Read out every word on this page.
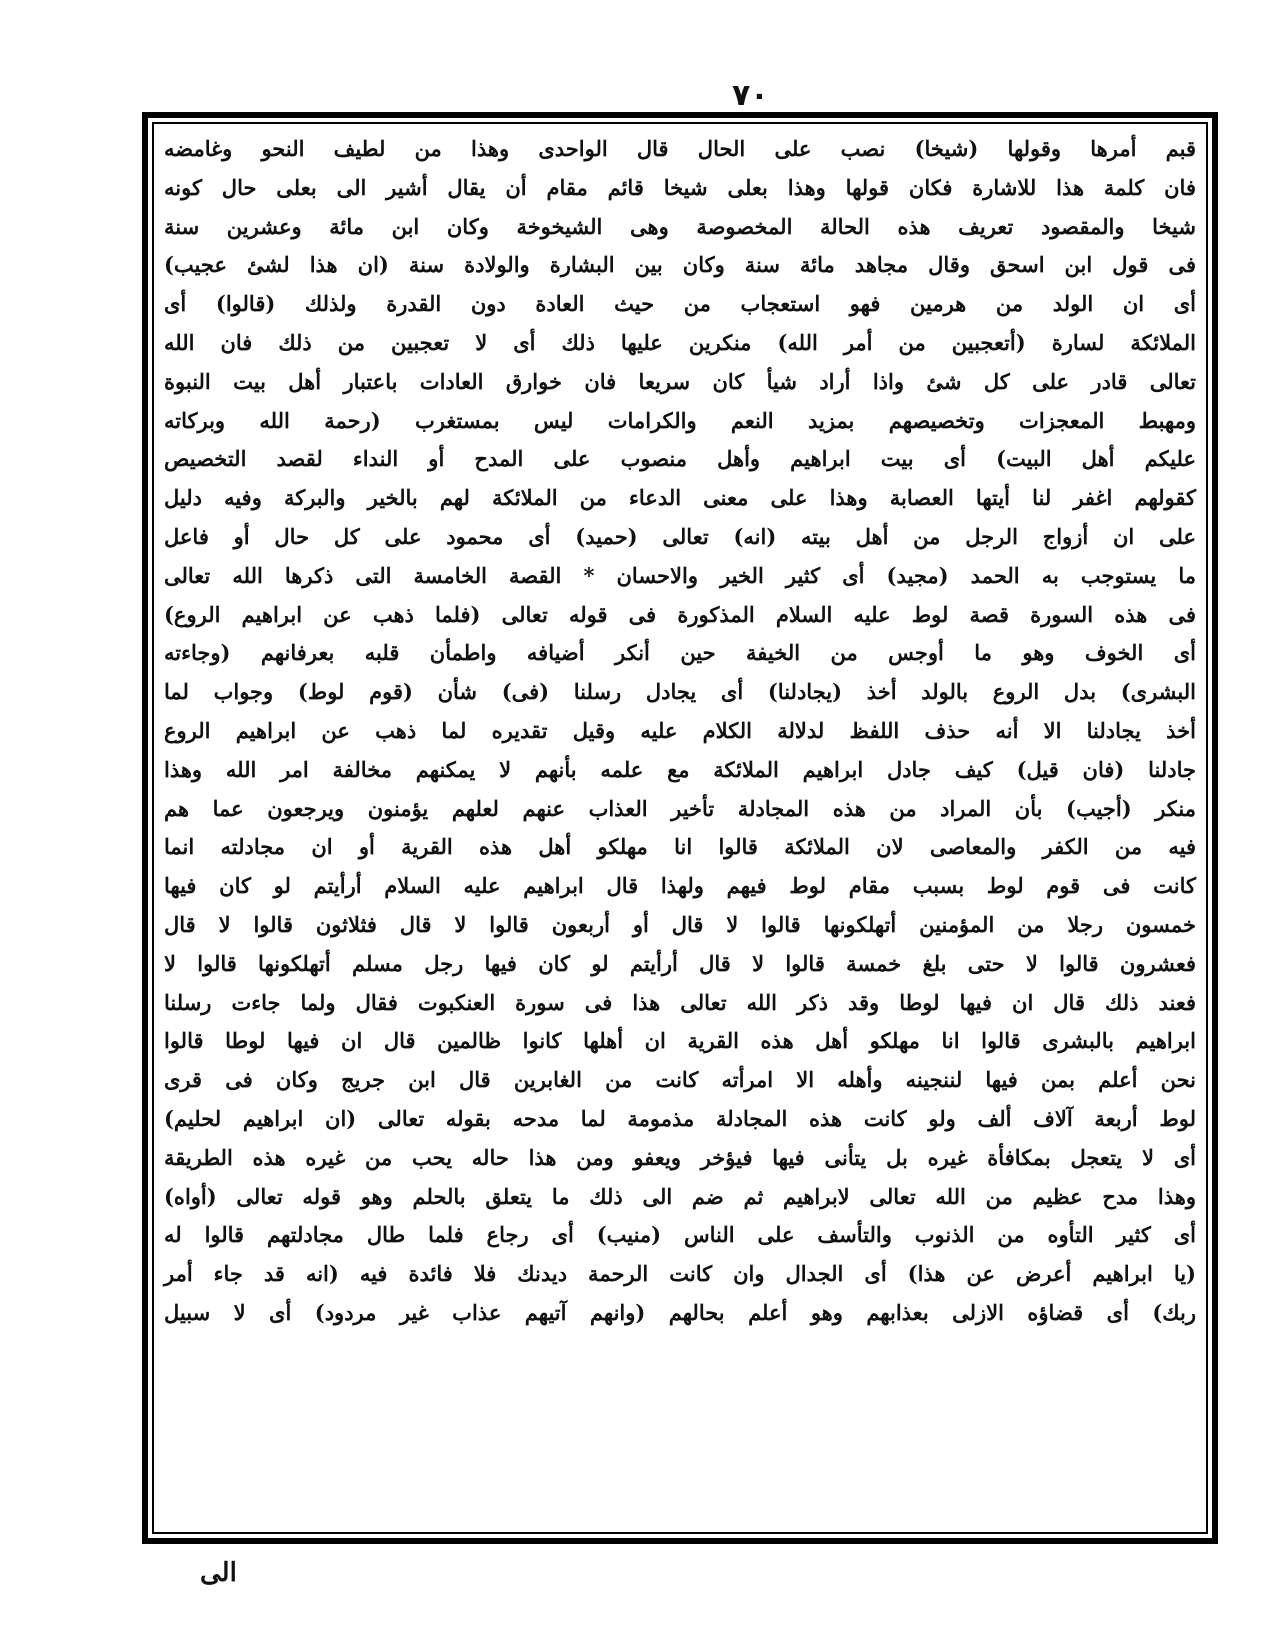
٧٠
قبم أمرها وقولها (شيخا) نصب على الحال قال الواحدى وهذا من لطيف النحو وغامضه
فان كلمة هذا للاشارة فكان قولها وهذا بعلى شيخا قائم مقام أن يقال أشير الى بعلى حال كونه
شيخا والمقصود تعريف هذه الحالة المخصوصة وهى الشيخوخة وكان ابن مائة وعشرين سنة
فى قول ابن اسحق وقال مجاهد مائة سنة وكان بين البشارة والولادة سنة (ان هذا لشئ عجيب)
أى ان الولد من هرمين فهو استعجاب من حيث العادة دون القدرة ولذلك (قالوا) أى
الملائكة لسارة (أتعجبين من أمر الله) منكرين عليها ذلك أى لا تعجبين من ذلك فان الله
تعالى قادر على كل شئ واذا أراد شيأ كان سريعا فان خوارق العادات باعتبار أهل بيت النبوة
ومهبط المعجزات وتخصيصهم بمزيد النعم والكرامات ليس بمستغرب (رحمة الله وبركاته
عليكم أهل البيت) أى بيت ابراهيم وأهل منصوب على المدح أو النداء لقصد التخصيص
كقولهم اغفر لنا أيتها العصابة وهذا على معنى الدعاء من الملائكة لهم بالخير والبركة وفيه دليل
على ان أزواج الرجل من أهل بيته (انه) تعالى (حميد) أى محمود على كل حال أو فاعل
ما يستوجب به الحمد (مجيد) أى كثير الخير والاحسان * القصة الخامسة التى ذكرها الله تعالى
فى هذه السورة قصة لوط عليه السلام المذكورة فى قوله تعالى (فلما ذهب عن ابراهيم الروع)
أى الخوف وهو ما أوجس من الخيفة حين أنكر أضيافه واطمأن قلبه بعرفانهم (وجاءته
البشرى) بدل الروع بالولد أخذ (يجادلنا) أى يجادل رسلنا (فى) شأن (قوم لوط) وجواب لما
أخذ يجادلنا الا أنه حذف اللفظ لدلالة الكلام عليه وقيل تقديره لما ذهب عن ابراهيم الروع
جادلنا (فان قيل) كيف جادل ابراهيم الملائكة مع علمه بأنهم لا يمكنهم مخالفة امر الله وهذا
منكر (أجيب) بأن المراد من هذه المجادلة تأخير العذاب عنهم لعلهم يؤمنون ويرجعون عما هم
فيه من الكفر والمعاصى لان الملائكة قالوا انا مهلكو أهل هذه القرية أو ان مجادلته انما
كانت فى قوم لوط بسبب مقام لوط فيهم ولهذا قال ابراهيم عليه السلام أرأيتم لو كان فيها
خمسون رجلا من المؤمنين أتهلكونها قالوا لا قال أو أربعون قالوا لا قال فثلاثون قالوا لا قال
فعشرون قالوا لا حتى بلغ خمسة قالوا لا قال أرأيتم لو كان فيها رجل مسلم أتهلكونها قالوا لا
فعند ذلك قال ان فيها لوطا وقد ذكر الله تعالى هذا فى سورة العنكبوت فقال ولما جاءت رسلنا
ابراهيم بالبشرى قالوا انا مهلكو أهل هذه القرية ان أهلها كانوا ظالمين قال ان فيها لوطا قالوا
نحن أعلم بمن فيها لننجينه وأهله الا امرأته كانت من الغابرين قال ابن جريج وكان فى قرى
لوط أربعة آلاف ألف ولو كانت هذه المجادلة مذمومة لما مدحه بقوله تعالى (ان ابراهيم لحليم)
أى لا يتعجل بمكافأة غيره بل يتأنى فيها فيؤخر ويعفو ومن هذا حاله يحب من غيره هذه الطريقة
وهذا مدح عظيم من الله تعالى لابراهيم ثم ضم الى ذلك ما يتعلق بالحلم وهو قوله تعالى (أواه)
أى كثير التأوه من الذنوب والتأسف على الناس (منيب) أى رجاع فلما طال مجادلتهم قالوا له
(يا ابراهيم أعرض عن هذا) أى الجدال وان كانت الرحمة ديدنك فلا فائدة فيه (انه قد جاء أمر
ربك) أى قضاؤه الازلى بعذابهم وهو أعلم بحالهم (وانهم آتيهم عذاب غير مردود) أى لا سبيل
الى
